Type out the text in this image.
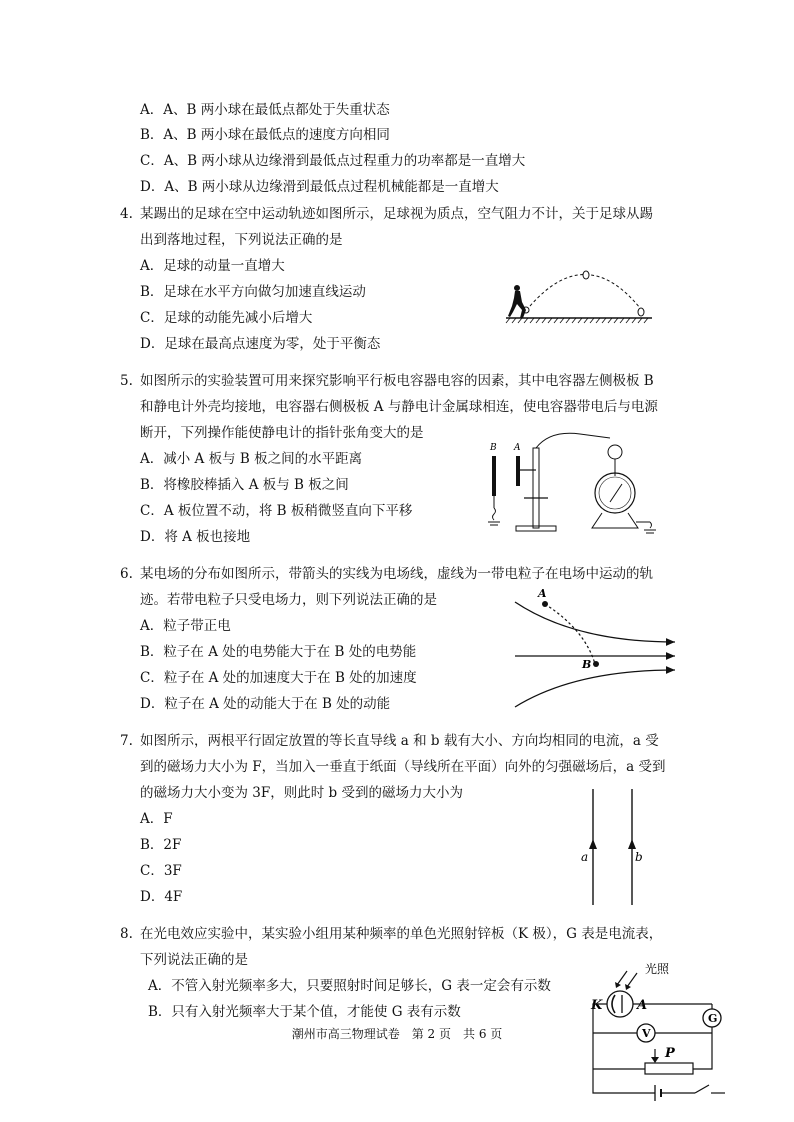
A．A、B 两小球在最低点都处于失重状态
B．A、B 两小球在最低点的速度方向相同
C．A、B 两小球从边缘滑到最低点过程重力的功率都是一直增大
D．A、B 两小球从边缘滑到最低点过程机械能都是一直增大
4. 某踢出的足球在空中运动轨迹如图所示，足球视为质点，空气阻力不计，关于足球从踢
出到落地过程，下列说法正确的是
A．足球的动量一直增大
B．足球在水平方向做匀加速直线运动
C．足球的动能先减小后增大
D．足球在最高点速度为零，处于平衡态
5. 如图所示的实验装置可用来探究影响平行板电容器电容的因素，其中电容器左侧极板 B
和静电计外壳均接地，电容器右侧极板 A 与静电计金属球相连，使电容器带电后与电源
断开，下列操作能使静电计的指针张角变大的是
A．减小 A 板与 B 板之间的水平距离
B．将橡胶棒插入 A 板与 B 板之间
C．A 板位置不动，将 B 板稍微竖直向下平移
D．将 A 板也接地
B A
6. 某电场的分布如图所示，带箭头的实线为电场线，虚线为一带电粒子在电场中运动的轨
迹。若带电粒子只受电场力，则下列说法正确的是
A．粒子带正电
B．粒子在 A 处的电势能大于在 B 处的电势能
C．粒子在 A 处的加速度大于在 B 处的加速度
D．粒子在 A 处的动能大于在 B 处的动能
A
B
7. 如图所示，两根平行固定放置的等长直导线 a 和 b 载有大小、方向均相同的电流，a 受
到的磁场力大小为 F，当加入一垂直于纸面（导线所在平面）向外的匀强磁场后，a 受到
的磁场力大小变为 3F，则此时 b 受到的磁场力大小为
A．F
B．2F
C．3F
D．4F
a	b
8. 在光电效应实验中，某实验小组用某种频率的单色光照射锌板（K 极），G 表是电流表，
下列说法正确的是
A．不管入射光频率多大，只要照射时间足够长，G 表一定会有示数
B．只有入射光频率大于某个值，才能使 G 表有示数
光照
K	A
G
V
P
潮州市高三物理试卷　第 2 页　共 6 页
